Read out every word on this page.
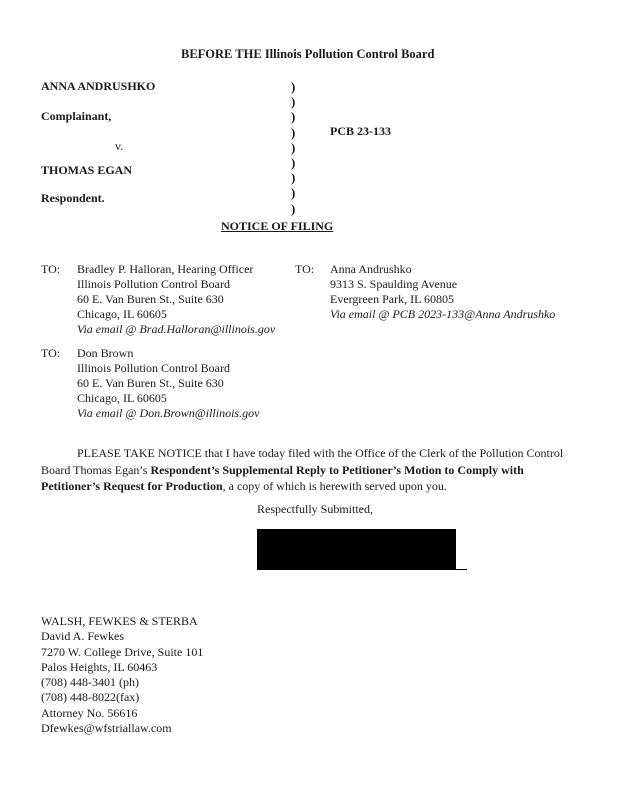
BEFORE THE Illinois Pollution Control Board
ANNA ANDRUSHKO
Complainant,
v.
THOMAS EGAN
Respondent.
)
)
)
)
)
)
)
)
)
PCB 23-133
NOTICE OF FILING
TO: Bradley P. Halloran, Hearing Officer
Illinois Pollution Control Board
60 E. Van Buren St., Suite 630
Chicago, IL 60605
Via email @ Brad.Halloran@illinois.gov
TO: Anna Andrushko
9313 S. Spaulding Avenue
Evergreen Park, IL 60805
Via email @ PCB 2023-133@Anna Andrushko
TO: Don Brown
Illinois Pollution Control Board
60 E. Van Buren St., Suite 630
Chicago, IL 60605
Via email @ Don.Brown@illinois.gov
PLEASE TAKE NOTICE that I have today filed with the Office of the Clerk of the Pollution Control Board Thomas Egan’s Respondent’s Supplemental Reply to Petitioner’s Motion to Comply with Petitioner’s Request for Production, a copy of which is herewith served upon you.
Respectfully Submitted,
WALSH, FEWKES & STERBA
David A. Fewkes
7270 W. College Drive, Suite 101
Palos Heights, IL 60463
(708) 448-3401 (ph)
(708) 448-8022(fax)
Attorney No. 56616
Dfewkes@wfstriallaw.com
